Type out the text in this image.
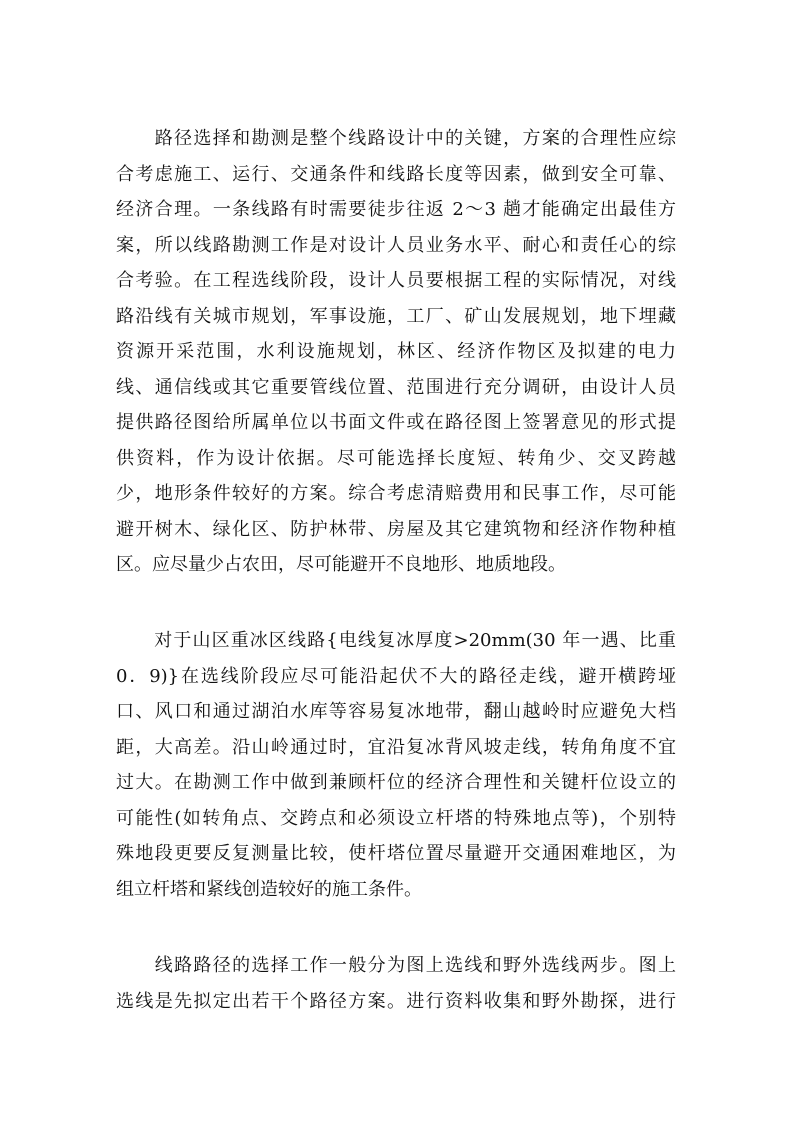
　　路径选择和勘测是整个线路设计中的关键，方案的合理性应综
合考虑施工、运行、交通条件和线路长度等因素，做到安全可靠、
经济合理。一条线路有时需要徒步往返 2～3 趟才能确定出最佳方
案，所以线路勘测工作是对设计人员业务水平、耐心和责任心的综
合考验。在工程选线阶段，设计人员要根据工程的实际情况，对线
路沿线有关城市规划，军事设施，工厂、矿山发展规划，地下埋藏
资源开采范围，水利设施规划，林区、经济作物区及拟建的电力
线、通信线或其它重要管线位置、范围进行充分调研，由设计人员
提供路径图给所属单位以书面文件或在路径图上签署意见的形式提
供资料，作为设计依据。尽可能选择长度短、转角少、交叉跨越
少，地形条件较好的方案。综合考虑清赔费用和民事工作，尽可能
避开树木、绿化区、防护林带、房屋及其它建筑物和经济作物种植
区。应尽量少占农田，尽可能避开不良地形、地质地段。
　　对于山区重冰区线路{电线复冰厚度>20mm(30 年一遇、比重
0．9)}在选线阶段应尽可能沿起伏不大的路径走线，避开横跨垭
口、风口和通过湖泊水库等容易复冰地带，翻山越岭时应避免大档
距，大高差。沿山岭通过时，宜沿复冰背风坡走线，转角角度不宜
过大。在勘测工作中做到兼顾杆位的经济合理性和关键杆位设立的
可能性(如转角点、交跨点和必须设立杆塔的特殊地点等)，个别特
殊地段更要反复测量比较，使杆塔位置尽量避开交通困难地区，为
组立杆塔和紧线创造较好的施工条件。
　　线路路径的选择工作一般分为图上选线和野外选线两步。图上
选线是先拟定出若干个路径方案。进行资料收集和野外勘探，进行
